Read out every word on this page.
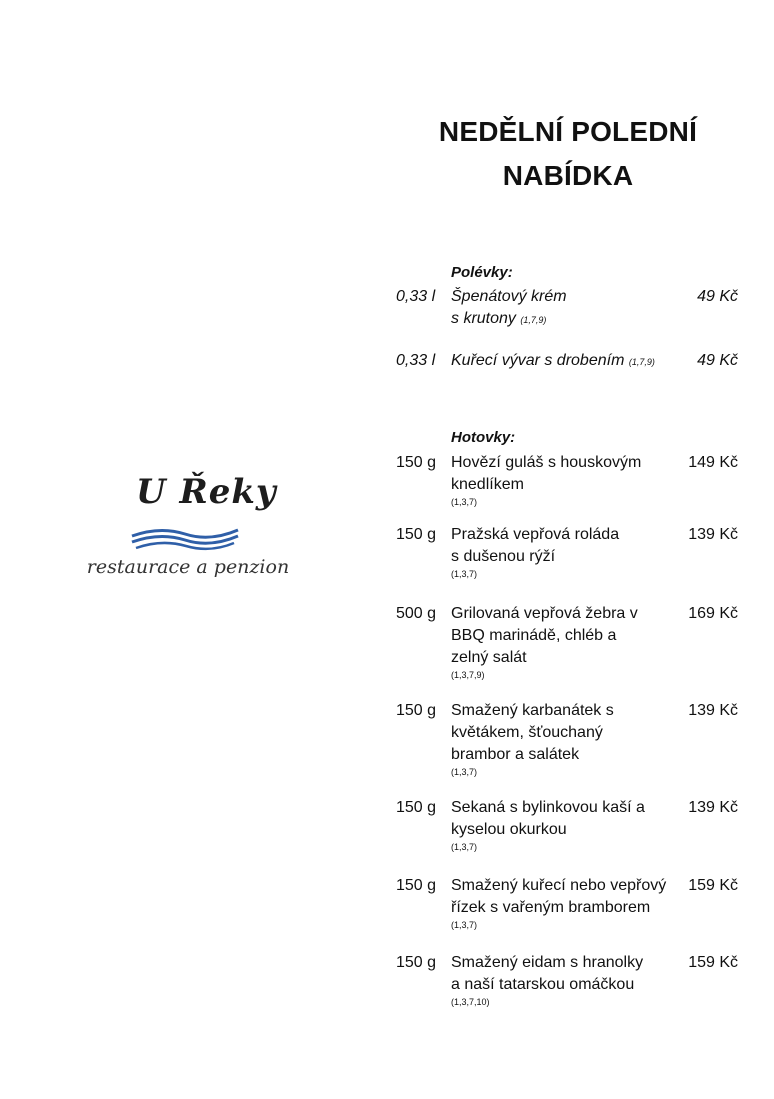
NEDĚLNÍ POLEDNÍ
NABÍDKA
U Řeky
restaurace a penzion
Polévky:
0,33 l Špenátový krém
s krutony (1,7,9)
49 Kč
0,33 l Kuřecí vývar s drobením (1,7,9)	49 Kč
Hotovky:
150 g Hovězí guláš s houskovým knedlíkem
(1,3,7)
149 Kč
150 g Pražská vepřová roláda s dušenou rýží
(1,3,7)
139 Kč
500 g Grilovaná vepřová žebra v BBQ marinádě, chléb a zelný salát
(1,3,7,9)
169 Kč
150 g Smažený karbanátek s květákem, šťouchaný brambor a salátek
(1,3,7)
139 Kč
150 g Sekaná s bylinkovou kaší a kyselou okurkou
(1,3,7)
139 Kč
150 g Smažený kuřecí nebo vepřový řízek s vařeným bramborem
(1,3,7)
159 Kč
150 g Smažený eidam s hranolky a naší tatarskou omáčkou
(1,3,7,10)
159 Kč
